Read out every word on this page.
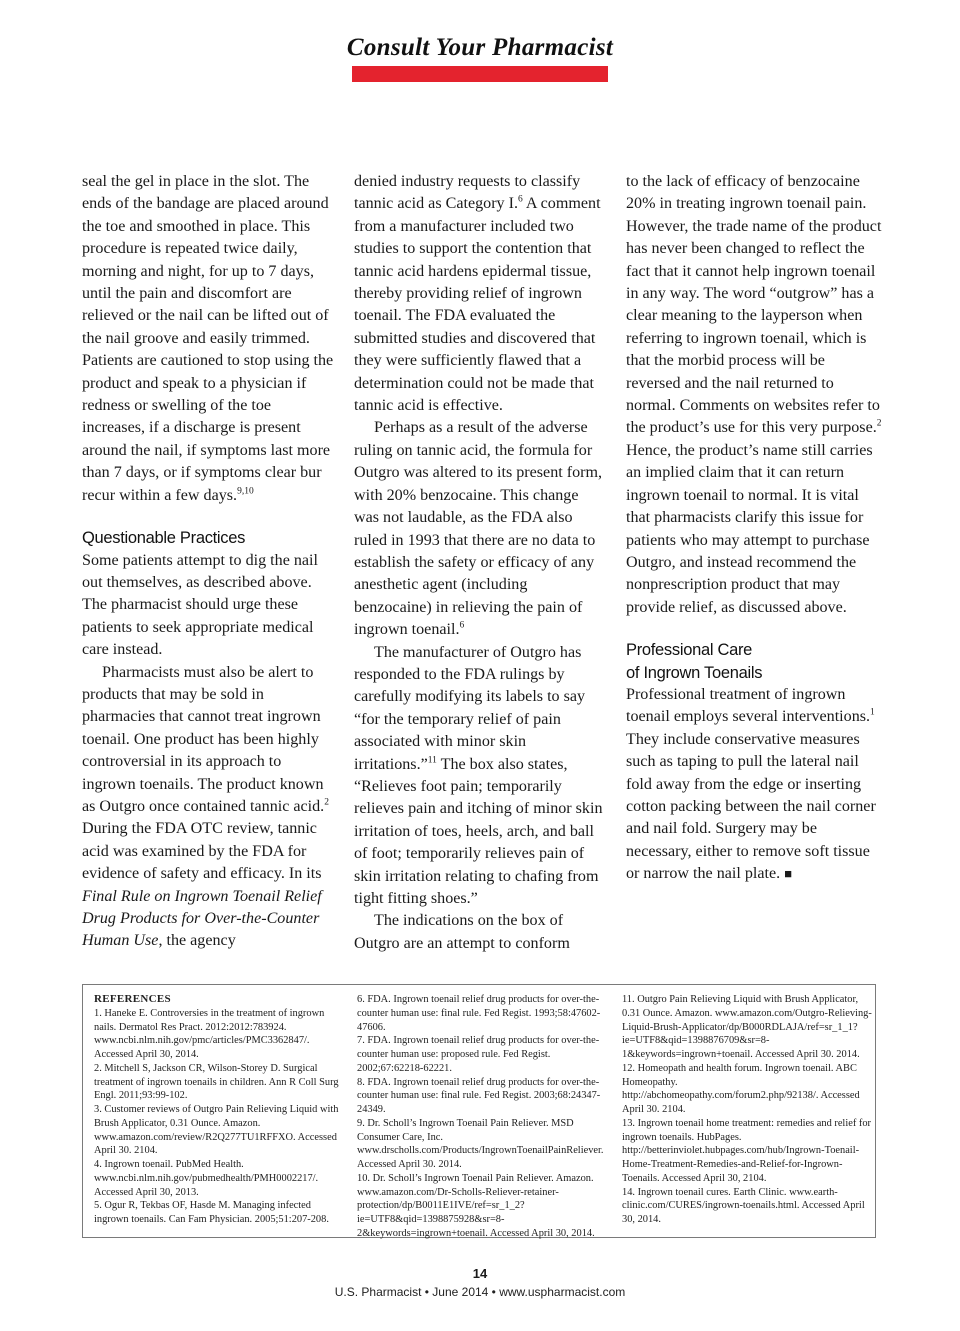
Consult Your Pharmacist

seal the gel in place in the slot. The ends of the bandage are placed around the toe and smoothed in place. This procedure is repeated twice daily, morning and night, for up to 7 days, until the pain and discomfort are relieved or the nail can be lifted out of the nail groove and easily trimmed. Patients are cautioned to stop using the product and speak to a physician if redness or swelling of the toe increases, if a discharge is present around the nail, if symptoms last more than 7 days, or if symptoms clear bur recur within a few days.$^{9,10}$

Questionable Practices

Some patients attempt to dig the nail out themselves, as described above. The pharmacist should urge these patients to seek appropriate medical care instead.

Pharmacists must also be alert to products that may be sold in pharmacies that cannot treat ingrown toenail. One product has been highly controversial in its approach to ingrown toenails. The product known as Outgro once contained tannic acid.$^2$ During the FDA OTC review, tannic acid was examined by the FDA for evidence of safety and efficacy. In its Final Rule on Ingrown Toenail Relief Drug Products for Over-the-Counter Human Use, the agency

denied industry requests to classify tannic acid as Category I.$^6$ A comment from a manufacturer included two studies to support the contention that tannic acid hardens epidermal tissue, thereby providing relief of ingrown toenail. The FDA evaluated the submitted studies and discovered that they were sufficiently flawed that a determination could not be made that tannic acid is effective.

Perhaps as a result of the adverse ruling on tannic acid, the formula for Outgro was altered to its present form, with 20% benzocaine. This change was not laudable, as the FDA also ruled in 1993 that there are no data to establish the safety or efficacy of any anesthetic agent (including benzocaine) in relieving the pain of ingrown toenail.$^6$

The manufacturer of Outgro has responded to the FDA rulings by carefully modifying its labels to say “for the temporary relief of pain associated with minor skin irritations.”$^{11}$ The box also states, “Relieves foot pain; temporarily relieves pain and itching of minor skin irritation of toes, heels, arch, and ball of foot; temporarily relieves pain of skin irritation relating to chafing from tight fitting shoes.”

The indications on the box of Outgro are an attempt to conform

to the lack of efficacy of benzocaine 20% in treating ingrown toenail pain. However, the trade name of the product has never been changed to reflect the fact that it cannot help ingrown toenail in any way. The word “outgrow” has a clear meaning to the layperson when referring to ingrown toenail, which is that the morbid process will be reversed and the nail returned to normal. Comments on websites refer to the product’s use for this very purpose.$^2$ Hence, the product’s name still carries an implied claim that it can return ingrown toenail to normal. It is vital that pharmacists clarify this issue for patients who may attempt to purchase Outgro, and instead recommend the nonprescription product that may provide relief, as discussed above.

Professional Care
of Ingrown Toenails

Professional treatment of ingrown toenail employs several interventions.$^1$ They include conservative measures such as taping to pull the lateral nail fold away from the edge or inserting cotton packing between the nail corner and nail fold. Surgery may be necessary, either to remove soft tissue or narrow the nail plate. ■

REFERENCES

1. Haneke E. Controversies in the treatment of ingrown nails. Dermatol Res Pract. 2012:2012:783924. www.ncbi.nlm.nih.gov/pmc/articles/PMC3362847/. Accessed April 30, 2014.

2. Mitchell S, Jackson CR, Wilson-Storey D. Surgical treatment of ingrown toenails in children. Ann R Coll Surg Engl. 2011;93:99-102.

3. Customer reviews of Outgro Pain Relieving Liquid with Brush Applicator, 0.31 Ounce. Amazon. www.amazon.com/review/R2Q277TU1RFFXO. Accessed April 30. 2104.

4. Ingrown toenail. PubMed Health. www.ncbi.nlm.nih.gov/pubmedhealth/PMH0002217/. Accessed April 30, 2013.

5. Ogur R, Tekbas OF, Hasde M. Managing infected ingrown toenails. Can Fam Physician. 2005;51:207-208.

6. FDA. Ingrown toenail relief drug products for over-the-counter human use: final rule. Fed Regist. 1993;58:47602-47606.

7. FDA. Ingrown toenail relief drug products for over-the-counter human use: proposed rule. Fed Regist. 2002;67:62218-62221.

8. FDA. Ingrown toenail relief drug products for over-the-counter human use: final rule. Fed Regist. 2003;68:24347-24349.

9. Dr. Scholl’s Ingrown Toenail Pain Reliever. MSD Consumer Care, Inc. www.drscholls.com/Products/IngrownToenailPainReliever. Accessed April 30. 2014.

10. Dr. Scholl’s Ingrown Toenail Pain Reliever. Amazon. www.amazon.com/Dr-Scholls-Reliever-retainer-protection/dp/B0011E1IVE/ref=sr_1_2?ie=UTF8&qid=1398875928&sr=8-2&keywords=ingrown+toenail. Accessed April 30, 2014.

11. Outgro Pain Relieving Liquid with Brush Applicator, 0.31 Ounce. Amazon. www.amazon.com/Outgro-Relieving-Liquid-Brush-Applicator/dp/B000RDLAJA/ref=sr_1_1?ie=UTF8&qid=1398876709&sr=8-1&keywords=ingrown+toenail. Accessed April 30. 2014.

12. Homeopath and health forum. Ingrown toenail. ABC Homeopathy. http://abchomeopathy.com/forum2.php/92138/. Accessed April 30. 2104.

13. Ingrown toenail home treatment: remedies and relief for ingrown toenails. HubPages. http://betterinviolet.hubpages.com/hub/Ingrown-Toenail-Home-Treatment-Remedies-and-Relief-for-Ingrown-Toenails. Accessed April 30, 2104.

14. Ingrown toenail cures. Earth Clinic. www.earth-clinic.com/CURES/ingrown-toenails.html. Accessed April 30, 2014.

14
U.S. Pharmacist • June 2014 • www.uspharmacist.com
